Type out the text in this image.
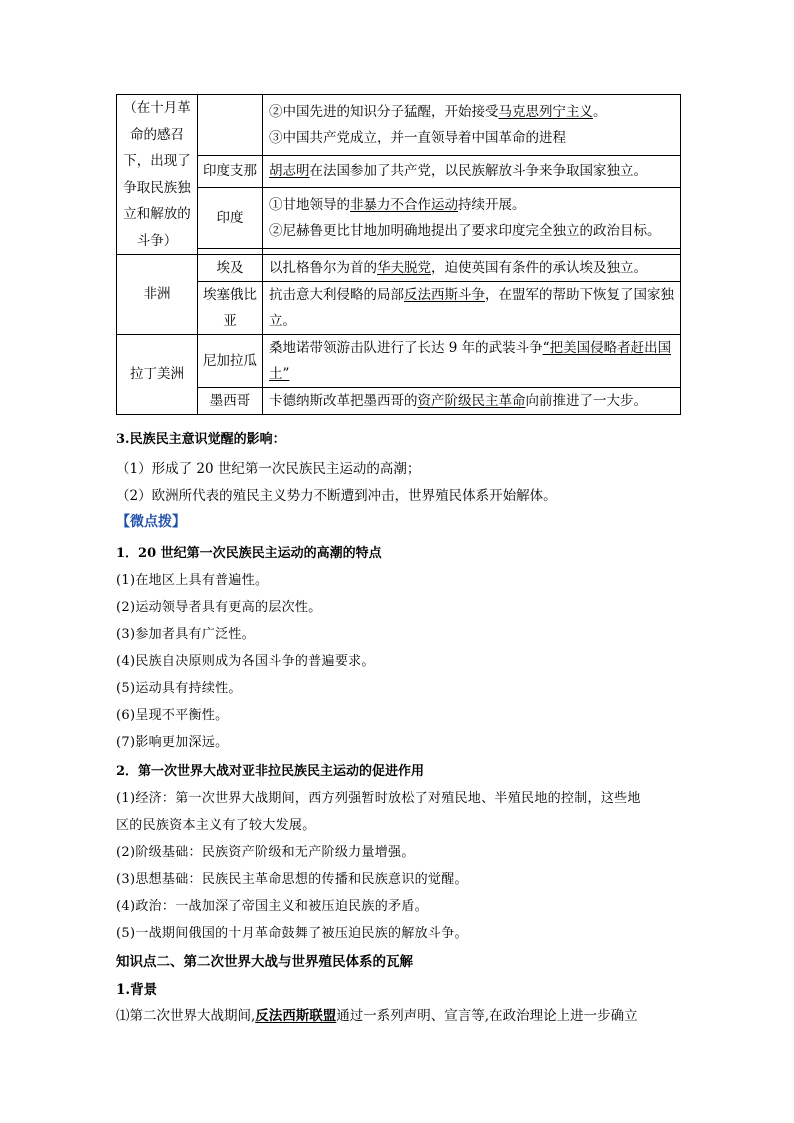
（在十月革命的感召下，出现了争取民族独立和解放的斗争）		②中国先进的知识分子猛醒，开始接受马克思列宁主义。
③中国共产党成立，并一直领导着中国革命的进程

	印度支那	胡志明在法国参加了共产党，以民族解放斗争来争取国家独立。
	印度	①甘地领导的非暴力不合作运动持续开展。
②尼赫鲁更比甘地加明确地提出了要求印度完全独立的政治目标。

非洲	埃及	以扎格鲁尔为首的华夫脱党，迫使英国有条件的承认埃及独立。
	埃塞俄比亚	抗击意大利侵略的局部反法西斯斗争，在盟军的帮助下恢复了国家独立。
拉丁美洲	尼加拉瓜	桑地诺带领游击队进行了长达 9 年的武装斗争“把美国侵略者赶出国土”
	墨西哥	卡德纳斯改革把墨西哥的资产阶级民主革命向前推进了一大步。
3.民族民主意识觉醒的影响：
（1）形成了 20 世纪第一次民族民主运动的高潮；
（2）欧洲所代表的殖民主义势力不断遭到冲击，世界殖民体系开始解体。
【微点拨】
1．20 世纪第一次民族民主运动的高潮的特点
(1)在地区上具有普遍性。
(2)运动领导者具有更高的层次性。
(3)参加者具有广泛性。
(4)民族自决原则成为各国斗争的普遍要求。
(5)运动具有持续性。
(6)呈现不平衡性。
(7)影响更加深远。
2．第一次世界大战对亚非拉民族民主运动的促进作用
(1)经济：第一次世界大战期间，西方列强暂时放松了对殖民地、半殖民地的控制，这些地
区的民族资本主义有了较大发展。
(2)阶级基础：民族资产阶级和无产阶级力量增强。
(3)思想基础：民族民主革命思想的传播和民族意识的觉醒。
(4)政治：一战加深了帝国主义和被压迫民族的矛盾。
(5)一战期间俄国的十月革命鼓舞了被压迫民族的解放斗争。
知识点二、第二次世界大战与世界殖民体系的瓦解
1.背景
⑴第二次世界大战期间,反法西斯联盟通过一系列声明、宣言等,在政治理论上进一步确立
